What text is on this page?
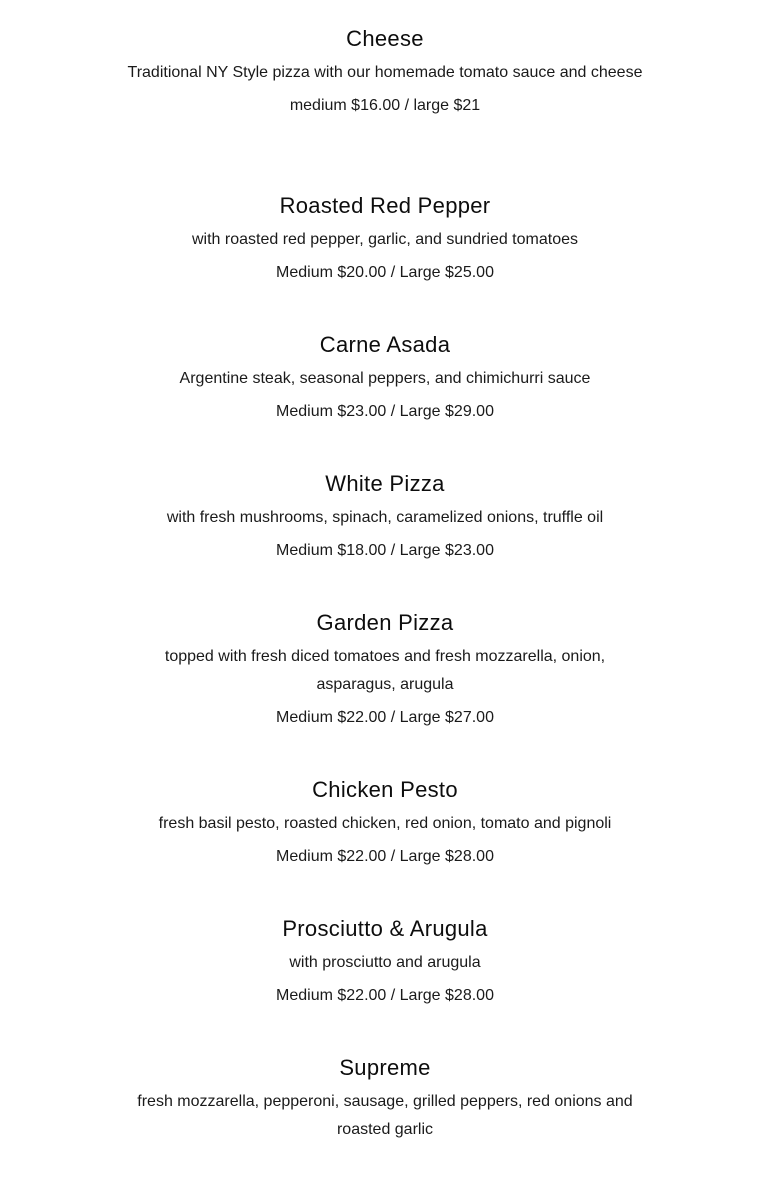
Cheese

Traditional NY Style pizza with our homemade tomato sauce and cheese

medium $16.00 / large $21

Roasted Red Pepper

with roasted red pepper, garlic, and sundried tomatoes

Medium $20.00 / Large $25.00

Carne Asada

Argentine steak, seasonal peppers, and chimichurri sauce

Medium $23.00 / Large $29.00

White Pizza

with fresh mushrooms, spinach, caramelized onions, truffle oil

Medium $18.00 / Large $23.00

Garden Pizza

topped with fresh diced tomatoes and fresh mozzarella, onion, asparagus, arugula

Medium $22.00 / Large $27.00

Chicken Pesto

fresh basil pesto, roasted chicken, red onion, tomato and pignoli

Medium $22.00 / Large $28.00

Prosciutto & Arugula

with prosciutto and arugula

Medium $22.00 / Large $28.00

Supreme

fresh mozzarella, pepperoni, sausage, grilled peppers, red onions and roasted garlic
